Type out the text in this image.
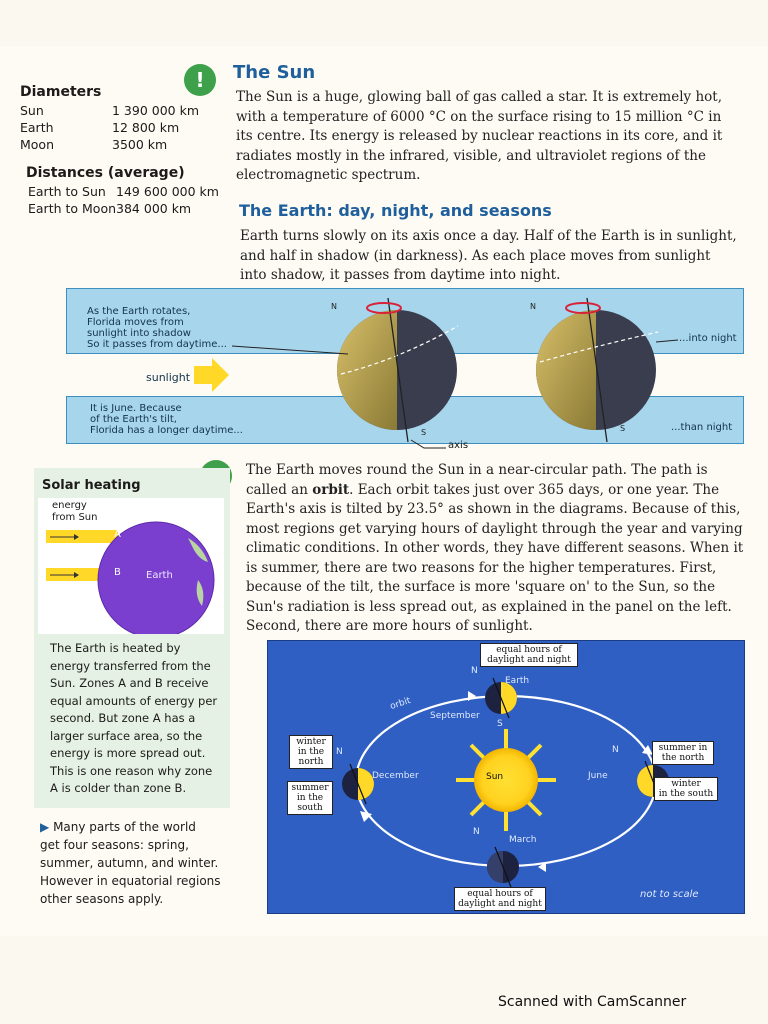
Diameters
Sun	1 390 000 km
Earth	12 800 km
Moon	3500 km
Distances (average)
Earth to Sun	149 600 000 km
Earth to Moon	384 000 km
!	The Sun
The Sun is a huge, glowing ball of gas called a star. It is extremely hot,
with a temperature of 6000 °C on the surface rising to 15 million °C in
its centre. Its energy is released by nuclear reactions in its core, and it
radiates mostly in the infrared, visible, and ultraviolet regions of the
electromagnetic spectrum.
The Earth: day, night, and seasons
Earth turns slowly on its axis once a day. Half of the Earth is in sunlight,
and half in shadow (in darkness). As each place moves from sunlight
into shadow, it passes from daytime into night.
N	N
S	S
As the Earth rotates,
Florida moves from
sunlight into shadow
So it passes from daytime...
...into night
sunlight
It is June. Because
of the Earth's tilt,
Florida has a longer daytime...	...than night
axis
The Earth moves round the Sun in a near-circular path. The path is
called an orbit. Each orbit takes just over 365 days, or one year. The
Earth's axis is tilted by 23.5° as shown in the diagrams. Because of this,
most regions get varying hours of daylight through the year and varying
climatic conditions. In other words, they have different seasons. When it
is summer, there are two reasons for the higher temperatures. First,
because of the tilt, the surface is more 'square on' to the Sun, so the
Sun's radiation is less spread out, as explained in the panel on the left.
Second, there are more hours of sunlight.
Solar heating
energy
from Sun
B
A
Earth
The Earth is heated by
energy transferred from the
Sun. Zones A and B receive
equal amounts of energy per
second. But zone A has a
larger surface area, so the
energy is more spread out.
This is one reason why zone
A is colder than zone B.
▶ Many parts of the world
get four seasons: spring,
summer, autumn, and winter.
However in equatorial regions
other seasons apply.
equal hours of
daylight and night
N
Earth
S
orbit
September
December	June
Sun
March
N
N	N
winter
in the
north
summer
in the
south
summer in
the north
winter
in the south
equal hours of
daylight and night
not to scale
Scanned with CamScanner
